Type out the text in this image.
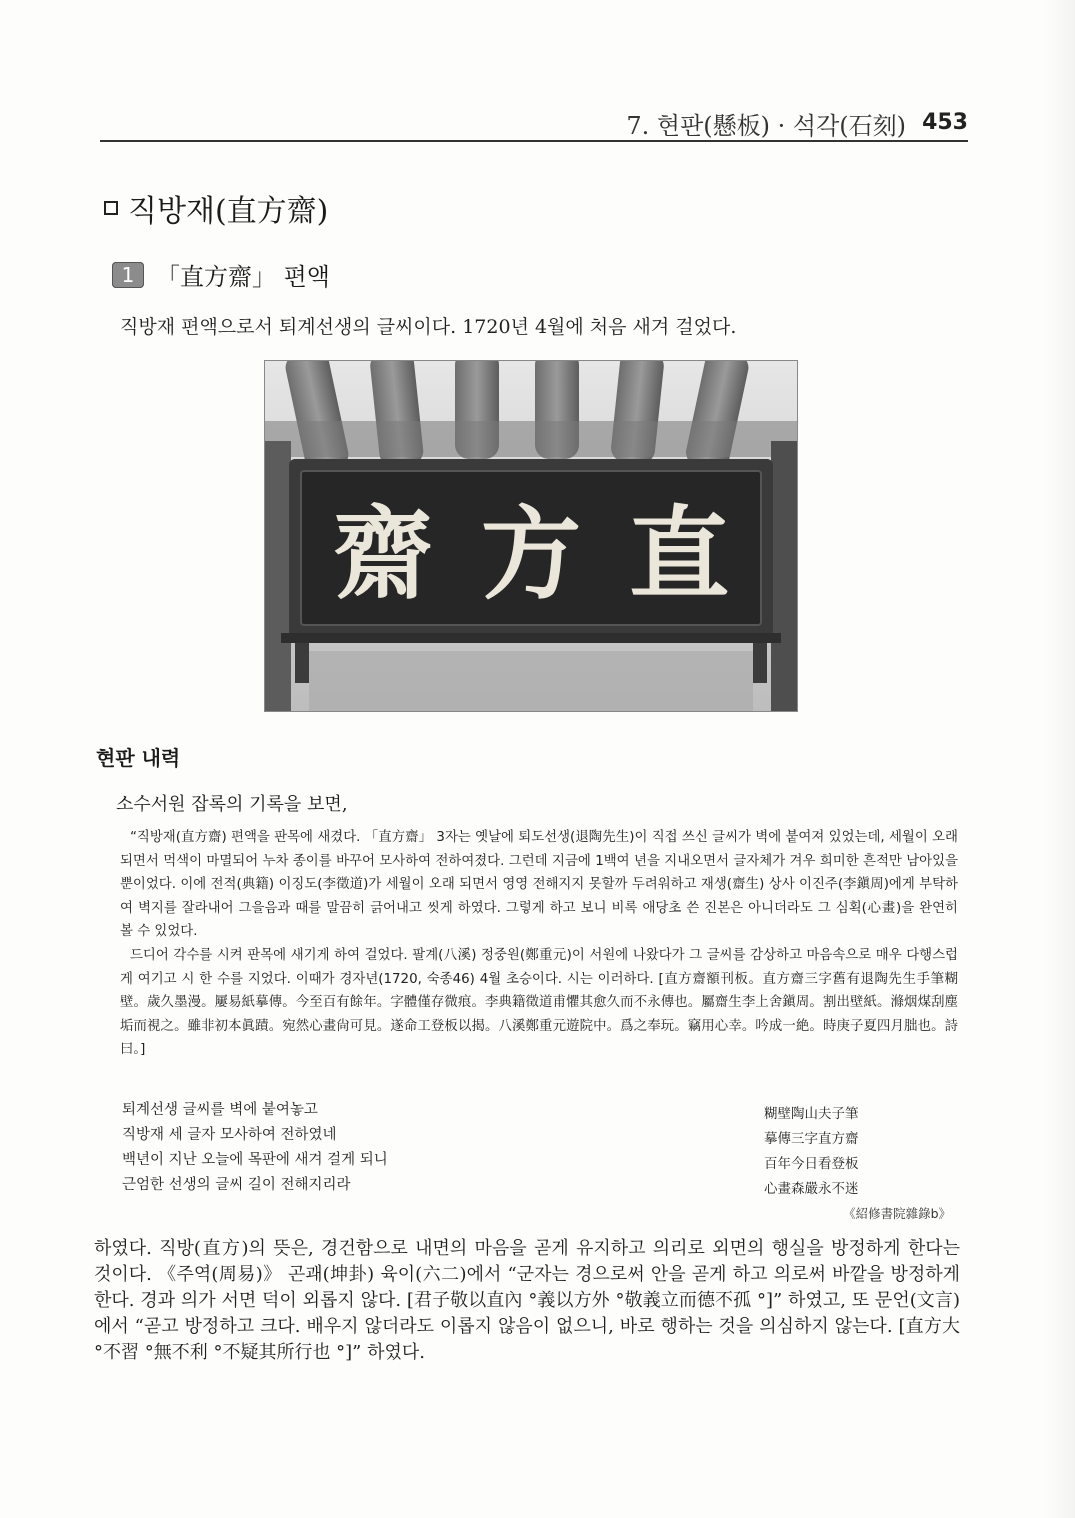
7. 현판(懸板) · 석각(石刻) 453
직방재(直方齋)
1 「直方齋」 편액
직방재 편액으로서 퇴계선생의 글씨이다. 1720년 4월에 처음 새겨 걸었다.
齋 方 直
현판 내력
소수서원 잡록의 기록을 보면,

“직방재(直方齋) 편액을 판목에 새겼다. 「直方齋」 3자는 옛날에 퇴도선생(退陶先生)이 직접 쓰신 글씨가 벽에 붙여져 있었는데, 세월이 오래 되면서 먹색이 마멸되어 누차 종이를 바꾸어 모사하여 전하여졌다. 그런데 지금에 1백여 년을 지내오면서 글자체가 겨우 희미한 흔적만 남아있을 뿐이었다. 이에 전적(典籍) 이징도(李徵道)가 세월이 오래 되면서 영영 전해지지 못할까 두려워하고 재생(齋生) 상사 이진주(李鎭周)에게 부탁하여 벽지를 잘라내어 그을음과 때를 말끔히 긁어내고 씻게 하였다. 그렇게 하고 보니 비록 애당초 쓴 진본은 아니더라도 그 심획(心畫)을 완연히 볼 수 있었다.

드디어 각수를 시켜 판목에 새기게 하여 걸었다. 팔계(八溪) 정중원(鄭重元)이 서원에 나왔다가 그 글씨를 감상하고 마음속으로 매우 다행스럽게 여기고 시 한 수를 지었다. 이때가 경자년(1720, 숙종46) 4월 초승이다. 시는 이러하다. [直方齋額刊板。直方齋三字舊有退陶先生手筆糊壁。歲久墨漫。屢易紙摹傳。今至百有餘年。字體僅存微痕。李典籍徵道甫懼其愈久而不永傳也。屬齋生李上舍鎭周。割出壁紙。滌烟煤刮塵垢而視之。雖非初本眞蹟。宛然心畫尙可見。遂命工登板以揭。八溪鄭重元遊院中。爲之奉玩。竊用心幸。吟成一絶。時庚子夏四月朏也。詩曰。]

퇴계선생 글씨를 벽에 붙여놓고
직방재 세 글자 모사하여 전하였네
백년이 지난 오늘에 목판에 새겨 걸게 되니
근엄한 선생의 글씨 길이 전해지리라
糊壁陶山夫子筆
摹傳三字直方齋
百年今日看登板
心畫森嚴永不迷
《紹修書院雜錄b》

하였다. 직방(直方)의 뜻은, 경건함으로 내면의 마음을 곧게 유지하고 의리로 외면의 행실을 방정하게 한다는 것이다. 《주역(周易)》 곤괘(坤卦) 육이(六二)에서 “군자는 경으로써 안을 곧게 하고 의로써 바깥을 방정하게 한다. 경과 의가 서면 덕이 외롭지 않다. [君子敬以直內 °義以方外 °敬義立而德不孤 °]” 하였고, 또 문언(文言)에서 “곧고 방정하고 크다. 배우지 않더라도 이롭지 않음이 없으니, 바로 행하는 것을 의심하지 않는다. [直方大 °不習 °無不利 °不疑其所行也 °]” 하였다.
